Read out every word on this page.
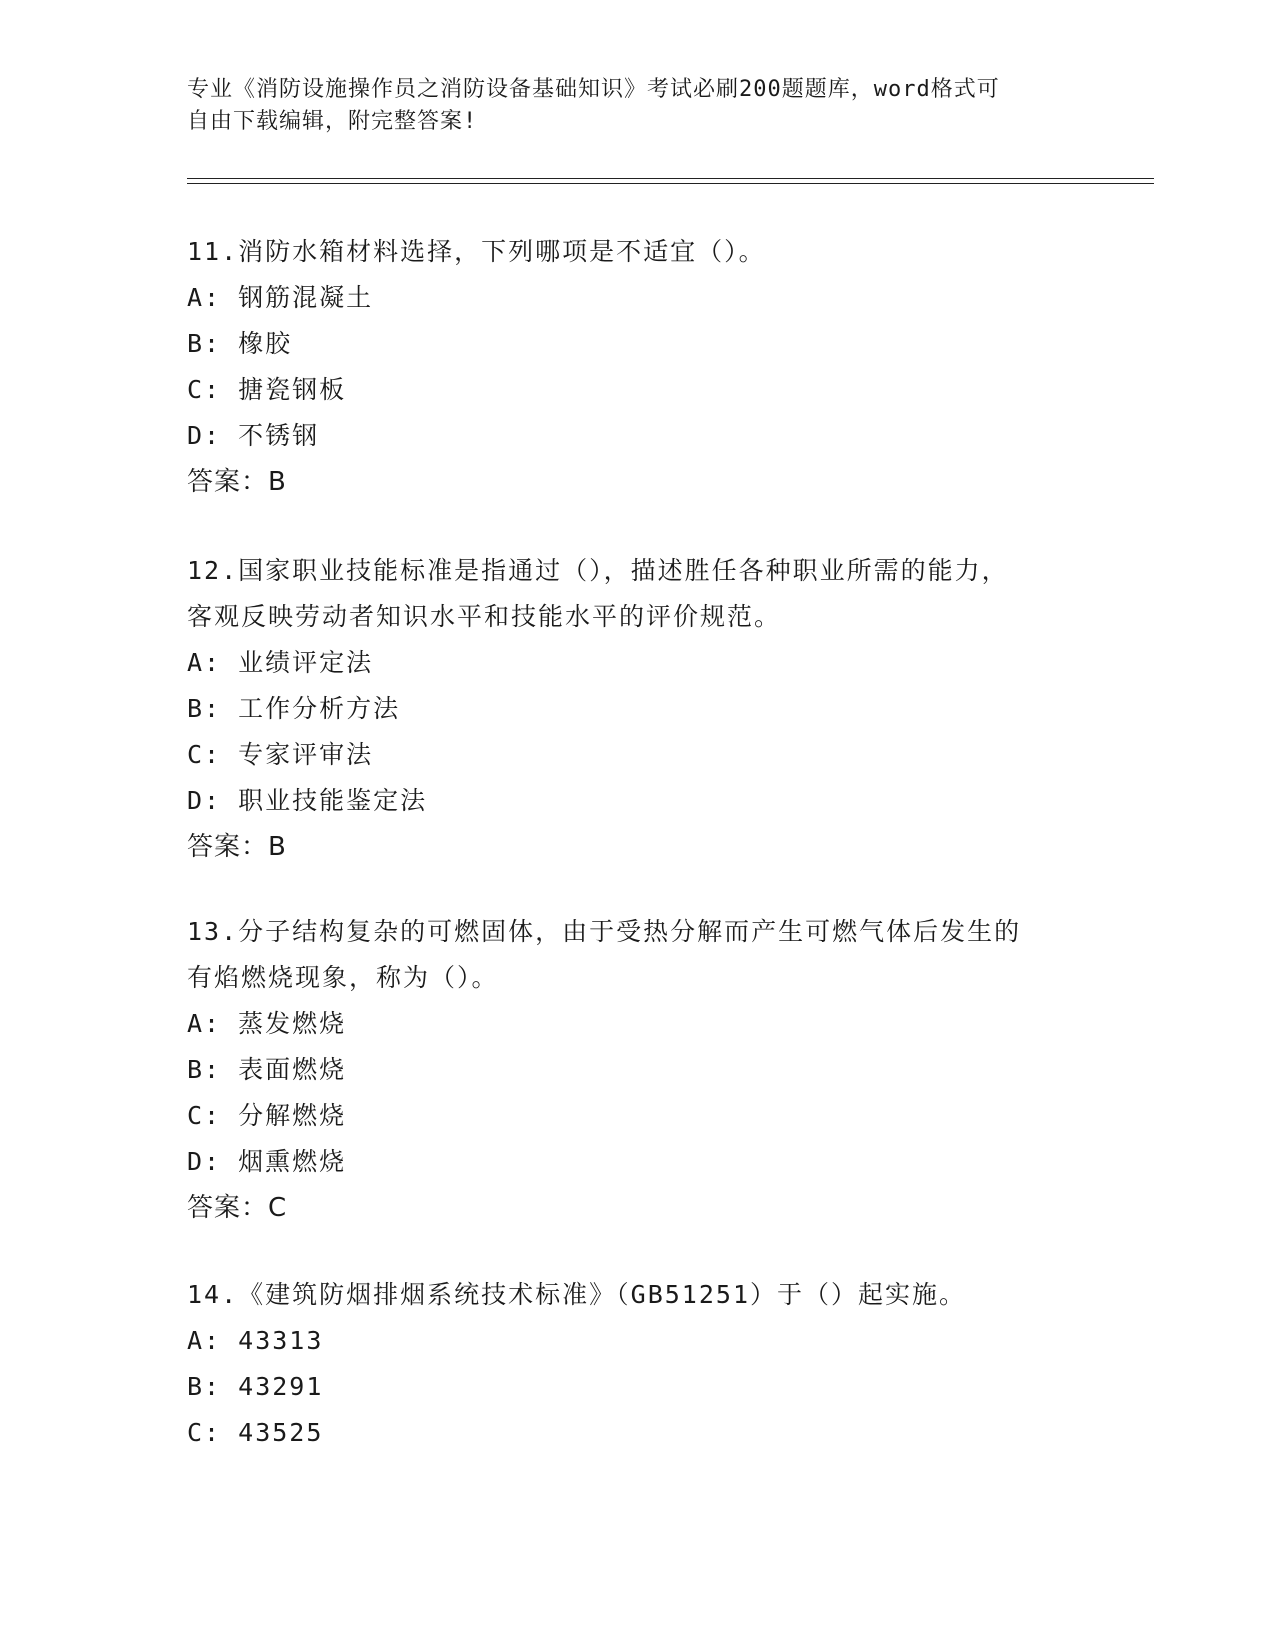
专业《消防设施操作员之消防设备基础知识》考试必刷200题题库，word格式可
自由下载编辑，附完整答案!

11.消防水箱材料选择，下列哪项是不适宜（）。

A: 钢筋混凝土

B: 橡胶

C: 搪瓷钢板

D: 不锈钢

答案：B

12.国家职业技能标准是指通过（），描述胜任各种职业所需的能力，

客观反映劳动者知识水平和技能水平的评价规范。

A: 业绩评定法

B: 工作分析方法

C: 专家评审法

D: 职业技能鉴定法

答案：B

13.分子结构复杂的可燃固体，由于受热分解而产生可燃气体后发生的

有焰燃烧现象，称为（）。

A: 蒸发燃烧

B: 表面燃烧

C: 分解燃烧

D: 烟熏燃烧

答案：C

14.《建筑防烟排烟系统技术标准》（GB51251）于（）起实施。

A: 43313

B: 43291

C: 43525
